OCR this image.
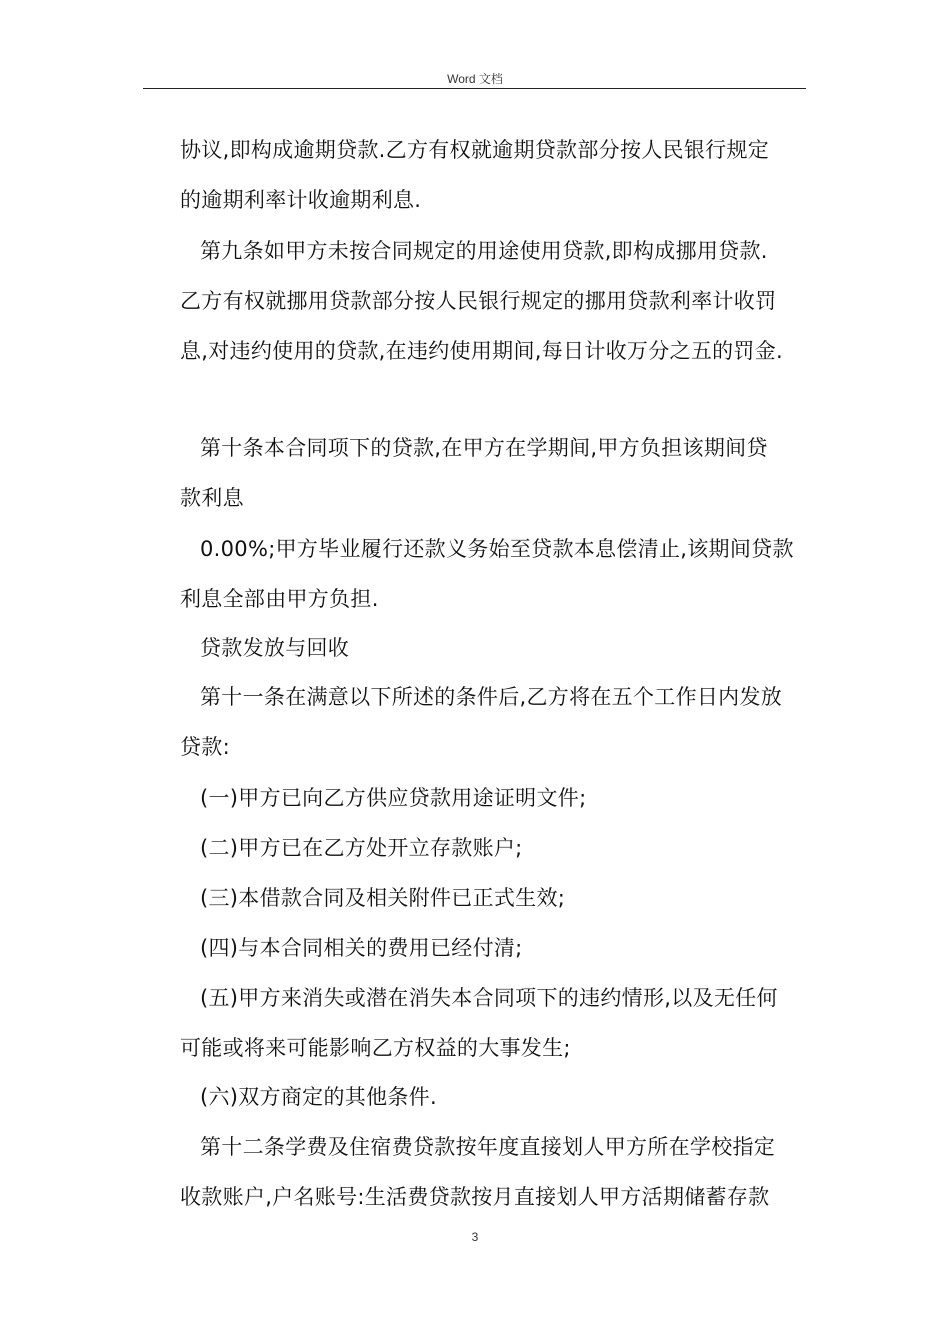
Word 文档
协议,即构成逾期贷款.乙方有权就逾期贷款部分按人民银行规定
的逾期利率计收逾期利息.
第九条如甲方未按合同规定的用途使用贷款,即构成挪用贷款.
乙方有权就挪用贷款部分按人民银行规定的挪用贷款利率计收罚
息,对违约使用的贷款,在违约使用期间,每日计收万分之五的罚金.
第十条本合同项下的贷款,在甲方在学期间,甲方负担该期间贷
款利息
0.00%;甲方毕业履行还款义务始至贷款本息偿清止,该期间贷款
利息全部由甲方负担.
贷款发放与回收
第十一条在满意以下所述的条件后,乙方将在五个工作日内发放
贷款:
(一)甲方已向乙方供应贷款用途证明文件;
(二)甲方已在乙方处开立存款账户;
(三)本借款合同及相关附件已正式生效;
(四)与本合同相关的费用已经付清;
(五)甲方来消失或潜在消失本合同项下的违约情形,以及无任何
可能或将来可能影响乙方权益的大事发生;
(六)双方商定的其他条件.
第十二条学费及住宿费贷款按年度直接划人甲方所在学校指定
收款账户,户名账号:生活费贷款按月直接划人甲方活期储蓄存款
3
